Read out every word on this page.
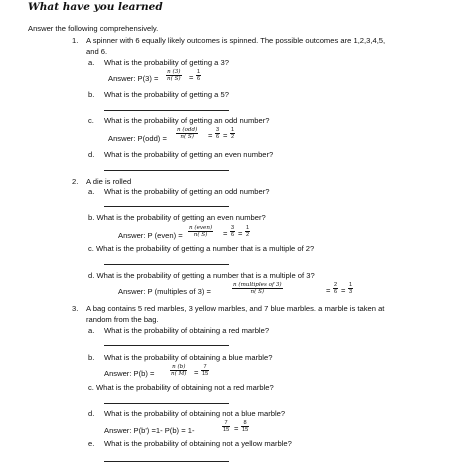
What have you learned
Answer the following comprehensively.
1. A spinner with 6 equally likely outcomes is spinned. The possible outcomes are 1,2,3,4,5,
and 6.
a. What is the probability of getting a 3?
Answer: P(3) =
n (3)
n( S) =
1
6
b. What is the probability of getting a 5?
c. What is the probability of getting an odd number?
Answer: P(odd) =
n (odd)
n( S) =
3
6 =
1
2
d. What is the probability of getting an even number?
2. A die is rolled
a. What is the probability of getting an odd number?
b. What is the probability of getting an even number?
Answer: P (even) =
n (even)
n( S) =
3
6 =
1
2
c. What is the probability of getting a number that is a multiple of 2?
d. What is the probability of getting a number that is a multiple of 3?
Answer: P (multiples of 3) =
n (multiples of 3)
n( S)	=
2
6 =
1
3
3. A bag contains 5 red marbles, 3 yellow marbles, and 7 blue marbles. a marble is taken at
random from the bag.
a. What is the probability of obtaining a red marble?
b. What is the probability of obtaining a blue marble?
Answer: P(b) =
n (b)
n( M) =
7
15
c. What is the probability of obtaining not a red marble?
d. What is the probability of obtaining not a blue marble?
Answer: P(b') =1- P(b) = 1-
7
15 =
8
15
e. What is the probability of obtaining not a yellow marble?
